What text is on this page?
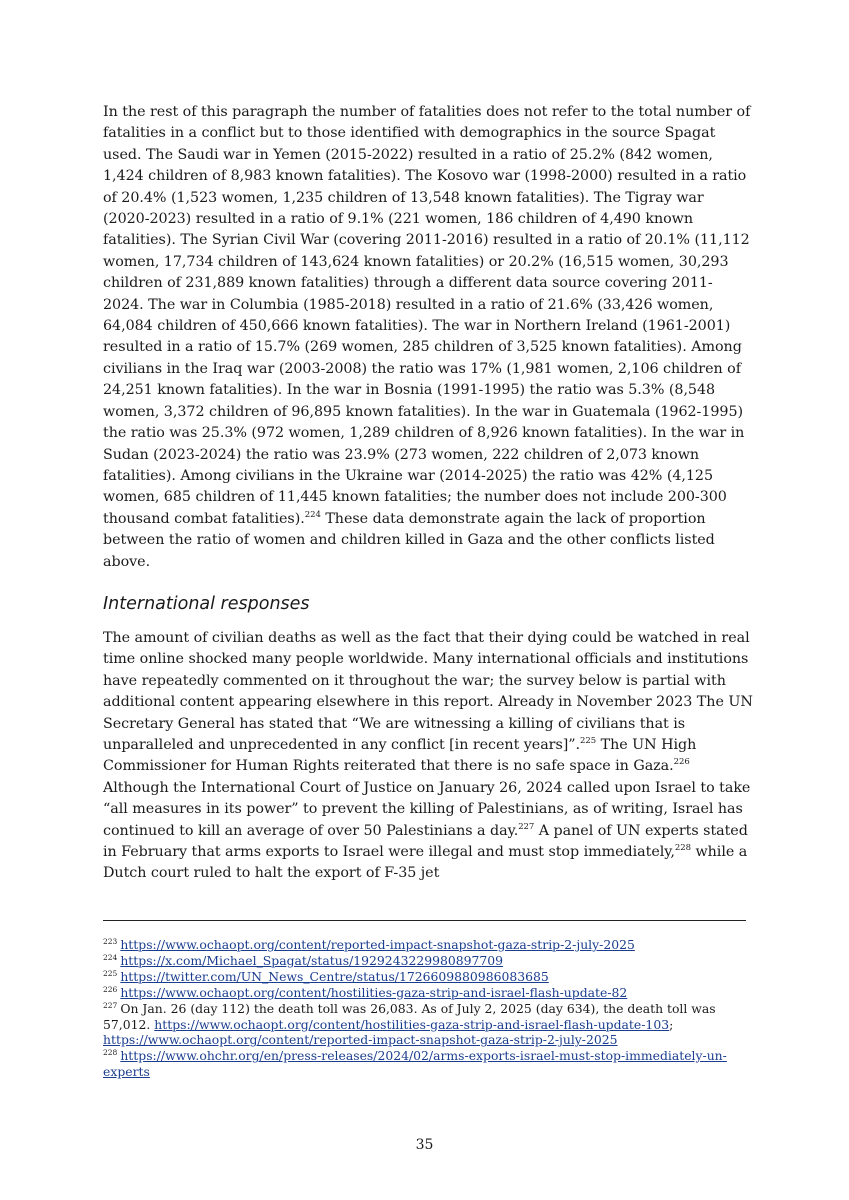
In the rest of this paragraph the number of fatalities does not refer to the total number of fatalities in a conflict but to those identified with demographics in the source Spagat used. The Saudi war in Yemen (2015-2022) resulted in a ratio of 25.2% (842 women, 1,424 children of 8,983 known fatalities). The Kosovo war (1998-2000) resulted in a ratio of 20.4% (1,523 women, 1,235 children of 13,548 known fatalities). The Tigray war (2020-2023) resulted in a ratio of 9.1% (221 women, 186 children of 4,490 known fatalities). The Syrian Civil War (covering 2011-2016) resulted in a ratio of 20.1% (11,112 women, 17,734 children of 143,624 known fatalities) or 20.2% (16,515 women, 30,293 children of 231,889 known fatalities) through a different data source covering 2011-2024. The war in Columbia (1985-2018) resulted in a ratio of 21.6% (33,426 women, 64,084 children of 450,666 known fatalities). The war in Northern Ireland (1961-2001) resulted in a ratio of 15.7% (269 women, 285 children of 3,525 known fatalities). Among civilians in the Iraq war (2003-2008) the ratio was 17% (1,981 women, 2,106 children of 24,251 known fatalities). In the war in Bosnia (1991-1995) the ratio was 5.3% (8,548 women, 3,372 children of 96,895 known fatalities). In the war in Guatemala (1962-1995) the ratio was 25.3% (972 women, 1,289 children of 8,926 known fatalities). In the war in Sudan (2023-2024) the ratio was 23.9% (273 women, 222 children of 2,073 known fatalities). Among civilians in the Ukraine war (2014-2025) the ratio was 42% (4,125 women, 685 children of 11,445 known fatalities; the number does not include 200-300 thousand combat fatalities).$^{224}$ These data demonstrate again the lack of proportion between the ratio of women and children killed in Gaza and the other conflicts listed above.

International responses

The amount of civilian deaths as well as the fact that their dying could be watched in real time online shocked many people worldwide. Many international officials and institutions have repeatedly commented on it throughout the war; the survey below is partial with additional content appearing elsewhere in this report. Already in November 2023 The UN Secretary General has stated that “We are witnessing a killing of civilians that is unparalleled and unprecedented in any conflict [in recent years]”.$^{225}$ The UN High Commissioner for Human Rights reiterated that there is no safe space in Gaza.$^{226}$ Although the International Court of Justice on January 26, 2024 called upon Israel to take “all measures in its power” to prevent the killing of Palestinians, as of writing, Israel has continued to kill an average of over 50 Palestinians a day.$^{227}$ A panel of UN experts stated in February that arms exports to Israel were illegal and must stop immediately,$^{228}$ while a Dutch court ruled to halt the export of F-35 jet

$^{223}$ https://www.ochaopt.org/content/reported-impact-snapshot-gaza-strip-2-july-2025
$^{224}$ https://x.com/Michael_Spagat/status/1929243229980897709
$^{225}$ https://twitter.com/UN_News_Centre/status/1726609880986083685
$^{226}$ https://www.ochaopt.org/content/hostilities-gaza-strip-and-israel-flash-update-82
$^{227}$ On Jan. 26 (day 112) the death toll was 26,083. As of July 2, 2025 (day 634), the death toll was 57,012. https://www.ochaopt.org/content/hostilities-gaza-strip-and-israel-flash-update-103; https://www.ochaopt.org/content/reported-impact-snapshot-gaza-strip-2-july-2025
$^{228}$ https://www.ohchr.org/en/press-releases/2024/02/arms-exports-israel-must-stop-immediately-un-experts
35
